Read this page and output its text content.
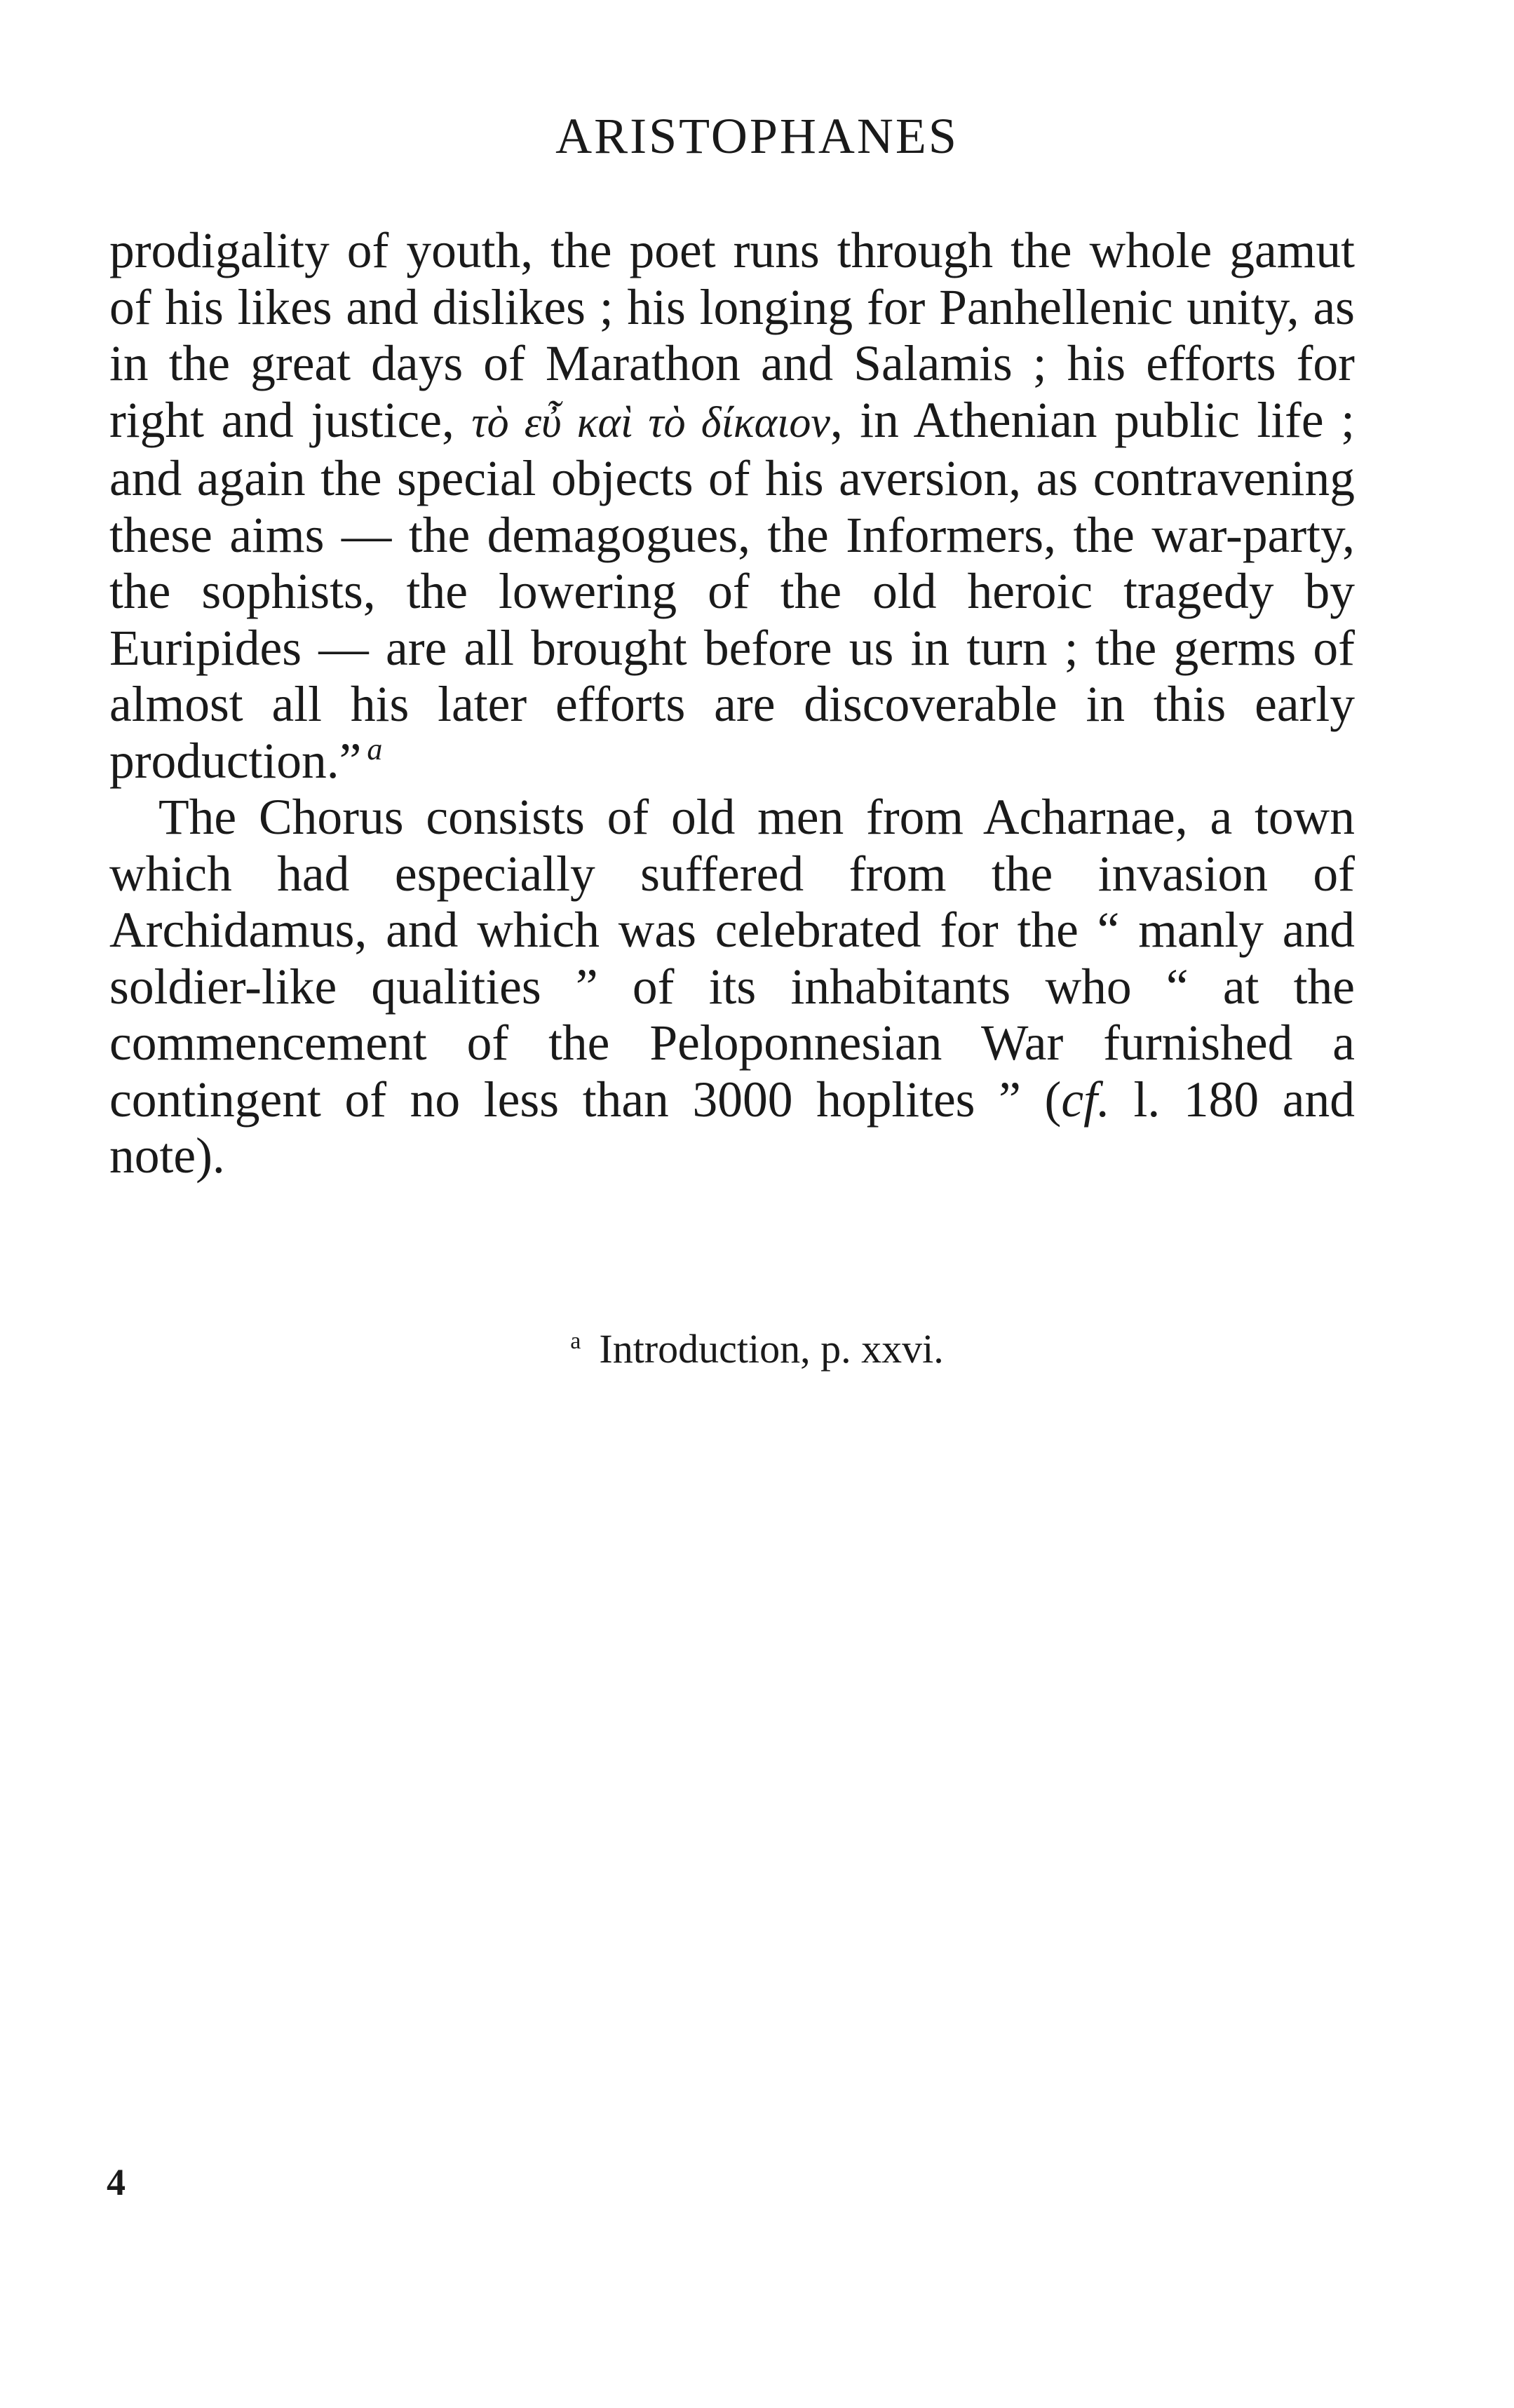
ARISTOPHANES

prodigality of youth, the poet runs through the whole gamut of his likes and dislikes ; his longing for Panhellenic unity, as in the great days of Marathon and Salamis ; his efforts for right and justice, τὸ εὖ καὶ τὸ δίκαιον, in Athenian public life ; and again the special objects of his aversion, as contravening these aims — the demagogues, the Informers, the war-party, the sophists, the lowering of the old heroic tragedy by Euripides — are all brought before us in turn ; the germs of almost all his later efforts are discoverable in this early production.” $^a$

The Chorus consists of old men from Acharnae, a town which had especially suffered from the invasion of Archidamus, and which was celebrated for the “ manly and soldier-like qualities ” of its inhabitants who “ at the commencement of the Peloponnesian War furnished a contingent of no less than 3000 hoplites ” (cf. l. 180 and note).

$^a$ Introduction, p. xxvi.
4
